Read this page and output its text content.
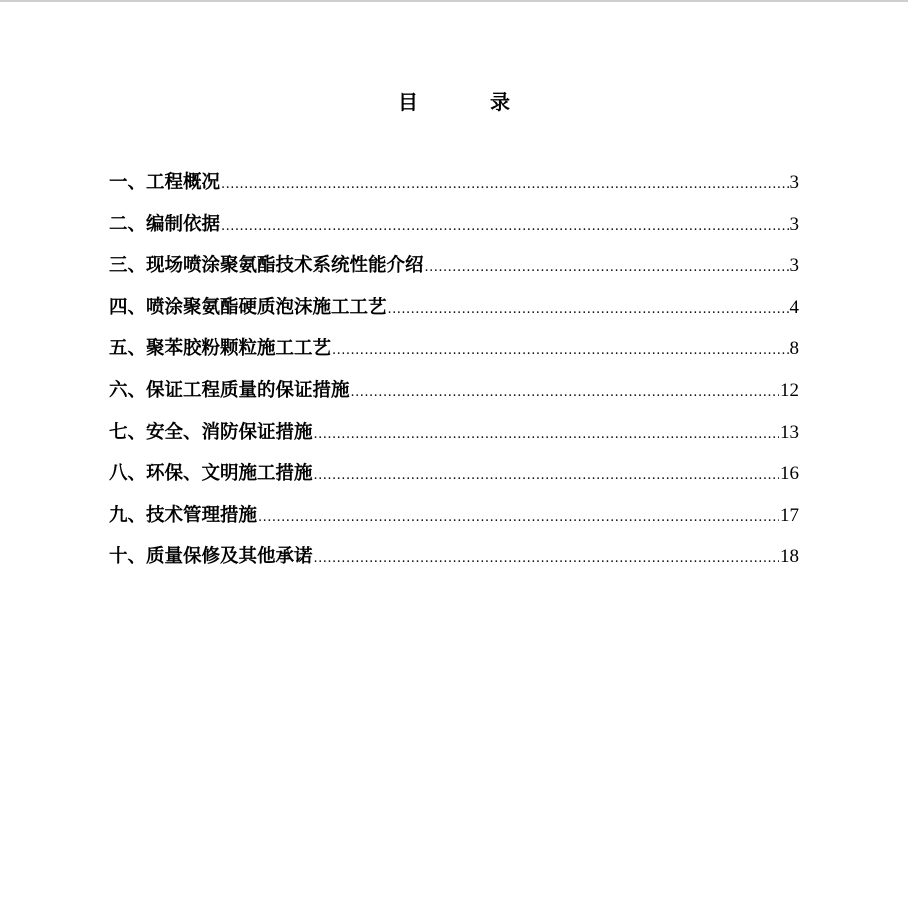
目　录
一、工程概况 .....	3
二、编制依据 .....	3
三、现场喷涂聚氨酯技术系统性能介绍 .....	3
四、喷涂聚氨酯硬质泡沫施工工艺 .....	4
五、聚苯胶粉颗粒施工工艺 .....	8
六、保证工程质量的保证措施 .....	12
七、安全、消防保证措施 .....	13
八、环保、文明施工措施 .....	16
九、技术管理措施 .....	17
十、质量保修及其他承诺 .....	18
